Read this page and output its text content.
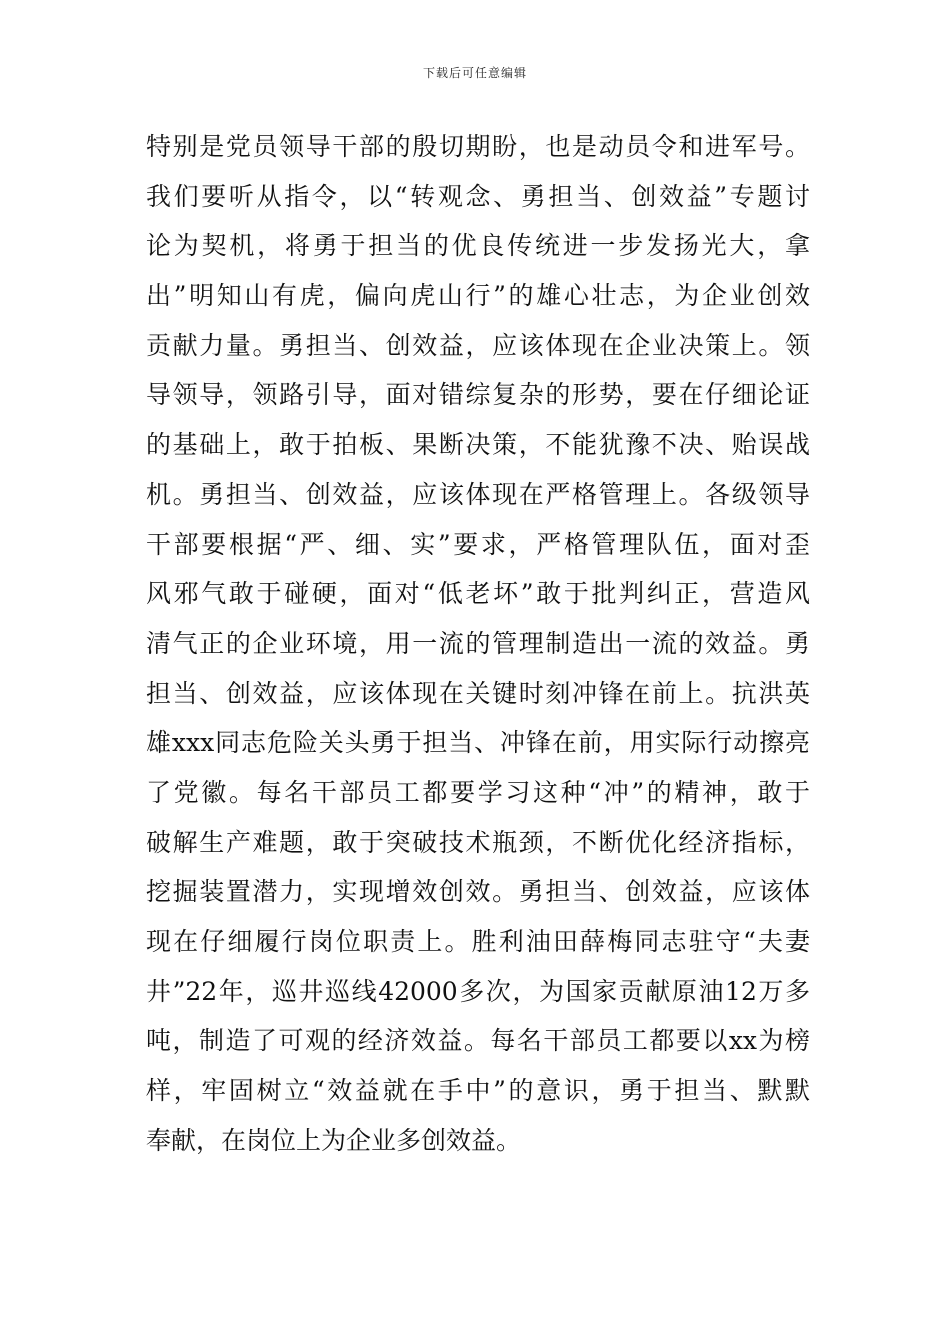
下载后可任意编辑
特别是党员领导干部的殷切期盼，也是动员令和进军号。
我们要听从指令，以“转观念、勇担当、创效益”专题讨
论为契机，将勇于担当的优良传统进一步发扬光大，拿
出”明知山有虎，偏向虎山行”的雄心壮志，为企业创效
贡献力量。勇担当、创效益，应该体现在企业决策上。领
导领导，领路引导，面对错综复杂的形势，要在仔细论证
的基础上，敢于拍板、果断决策，不能犹豫不决、贻误战
机。勇担当、创效益，应该体现在严格管理上。各级领导
干部要根据“严、细、实”要求，严格管理队伍，面对歪
风邪气敢于碰硬，面对“低老坏”敢于批判纠正，营造风
清气正的企业环境，用一流的管理制造出一流的效益。勇
担当、创效益，应该体现在关键时刻冲锋在前上。抗洪英
雄xxx同志危险关头勇于担当、冲锋在前，用实际行动擦亮
了党徽。每名干部员工都要学习这种“冲”的精神，敢于
破解生产难题，敢于突破技术瓶颈，不断优化经济指标，
挖掘装置潜力，实现增效创效。勇担当、创效益，应该体
现在仔细履行岗位职责上。胜利油田薛梅同志驻守“夫妻
井”22年，巡井巡线42000多次，为国家贡献原油12万多
吨，制造了可观的经济效益。每名干部员工都要以xx为榜
样，牢固树立“效益就在手中”的意识，勇于担当、默默
奉献，在岗位上为企业多创效益。
